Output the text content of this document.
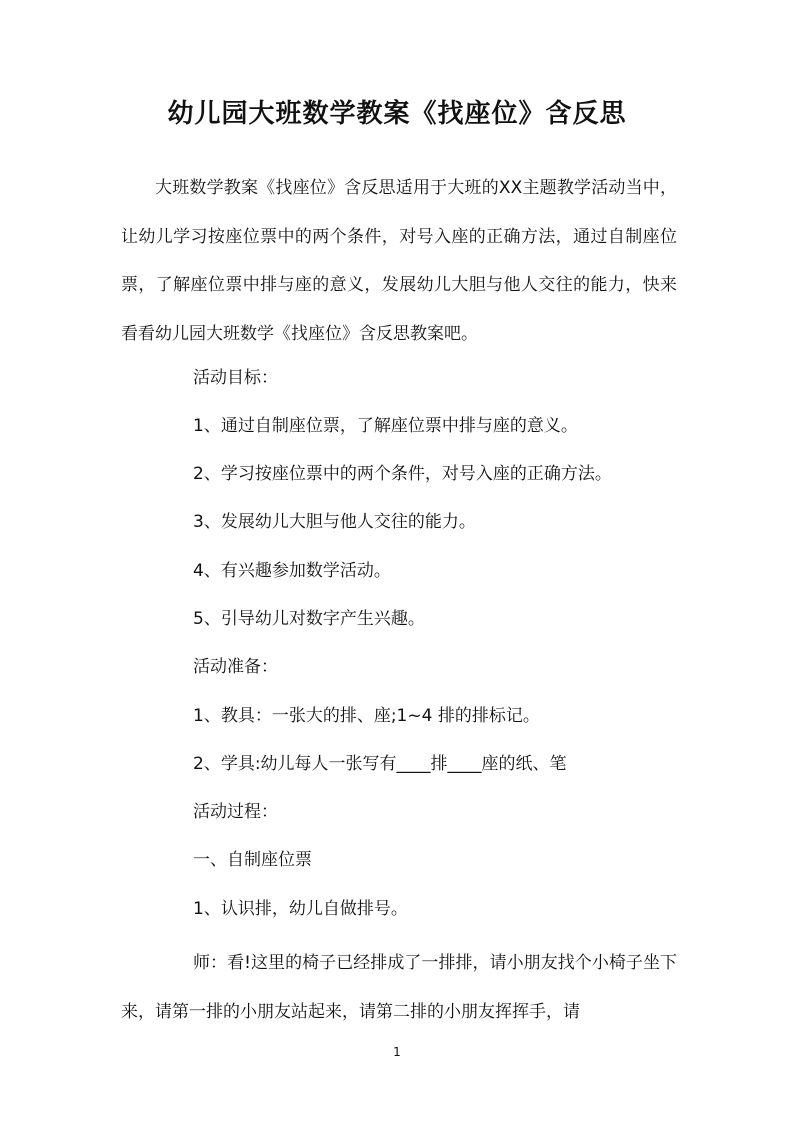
幼儿园大班数学教案《找座位》含反思
大班数学教案《找座位》含反思适用于大班的XX主题教学活动当中，让幼儿学习按座位票中的两个条件，对号入座的正确方法，通过自制座位票，了解座位票中排与座的意义，发展幼儿大胆与他人交往的能力，快来看看幼儿园大班数学《找座位》含反思教案吧。
活动目标：
1、通过自制座位票，了解座位票中排与座的意义。
2、学习按座位票中的两个条件，对号入座的正确方法。
3、发展幼儿大胆与他人交往的能力。
4、有兴趣参加数学活动。
5、引导幼儿对数字产生兴趣。
活动准备：
1、教具：一张大的排、座;1~4 排的排标记。
2、学具:幼儿每人一张写有____排____座的纸、笔
活动过程：
一、自制座位票
1、认识排，幼儿自做排号。
师：看!这里的椅子已经排成了一排排，请小朋友找个小椅子坐下来，请第一排的小朋友站起来，请第二排的小朋友挥挥手，请
1
